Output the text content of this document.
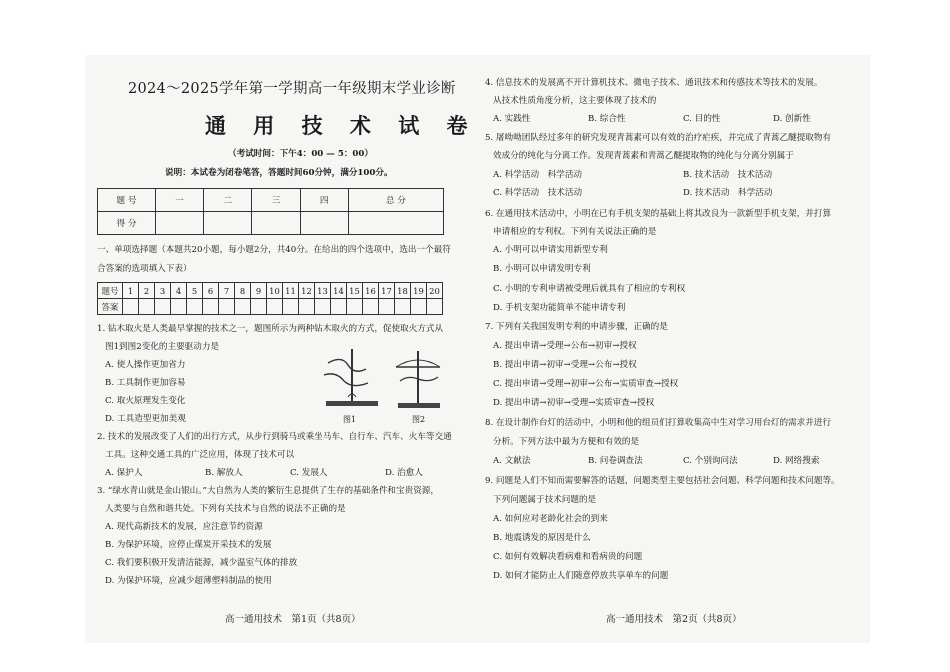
2024～2025学年第一学期高一年级期末学业诊断
通 用 技 术 试 卷
（考试时间：下午4：00 — 5：00）
说明：本试卷为闭卷笔答，答题时间60分钟，满分100分。
题 号	一	二	三	四	总 分
得 分					
一、单项选择题（本题共20小题，每小题2分，共40分。在给出的四个选项中，选出一个最符
合答案的选项填入下表）
题号	1	2	3	4	5	6	7	8	9	10	11	12	13	14	15	16	17	18	19	20
答案																				
1. 钻木取火是人类最早掌握的技术之一，题图所示为两种钻木取火的方式，促使取火方式从
图1到图2变化的主要驱动力是
A. 使人操作更加省力
B. 工具制作更加容易
C. 取火原理发生变化
D. 工具造型更加美观	图1	图2
2. 技术的发展改变了人们的出行方式，从步行到骑马或乘坐马车、自行车、汽车、火车等交通
工具。这种交通工具的广泛应用，体现了技术可以
A. 保护人	B. 解放人	C. 发展人	D. 治愈人
3. “绿水青山就是金山银山。”大自然为人类的繁衍生息提供了生存的基础条件和宝贵资源，
人类要与自然和谐共处。下列有关技术与自然的说法不正确的是
A. 现代高新技术的发展，应注意节约资源
B. 为保护环境，应停止煤炭开采技术的发展
C. 我们要积极开发清洁能源，减少温室气体的排放
D. 为保护环境，应减少超薄塑料制品的使用
高一通用技术　第1页（共8页）
4. 信息技术的发展离不开计算机技术、微电子技术、通讯技术和传感技术等技术的发展。
从技术性质角度分析，这主要体现了技术的
A. 实践性	B. 综合性	C. 目的性	D. 创新性
5. 屠呦呦团队经过多年的研究发现青蒿素可以有效的治疗疟疾，并完成了青蒿乙醚提取物有
效成分的纯化与分离工作。发现青蒿素和青蒿乙醚提取物的纯化与分离分别属于
A. 科学活动　科学活动	B. 技术活动　技术活动
C. 科学活动　技术活动	D. 技术活动　科学活动
6. 在通用技术活动中，小明在已有手机支架的基础上将其改良为一款新型手机支架，并打算
申请相应的专利权。下列有关说法正确的是
A. 小明可以申请实用新型专利
B. 小明可以申请发明专利
C. 小明的专利申请被受理后就具有了相应的专利权
D. 手机支架功能简单不能申请专利
7. 下列有关我国发明专利的申请步骤，正确的是
A. 提出申请→受理→公布→初审→授权
B. 提出申请→初审→受理→公布→授权
C. 提出申请→受理→初审→公布→实质审查→授权
D. 提出申请→初审→受理→实质审查→授权
8. 在设计制作台灯的活动中，小明和他的组员们打算收集高中生对学习用台灯的需求并进行
分析。下列方法中最为方便和有效的是
A. 文献法	B. 问卷调查法	C. 个别询问法	D. 网络搜索
9. 问题是人们不知而需要解答的话题，问题类型主要包括社会问题、科学问题和技术问题等。
下列问题属于技术问题的是
A. 如何应对老龄化社会的到来
B. 地震诱发的原因是什么
C. 如何有效解决看病难和看病贵的问题
D. 如何才能防止人们随意停放共享单车的问题
高一通用技术　第2页（共8页）
